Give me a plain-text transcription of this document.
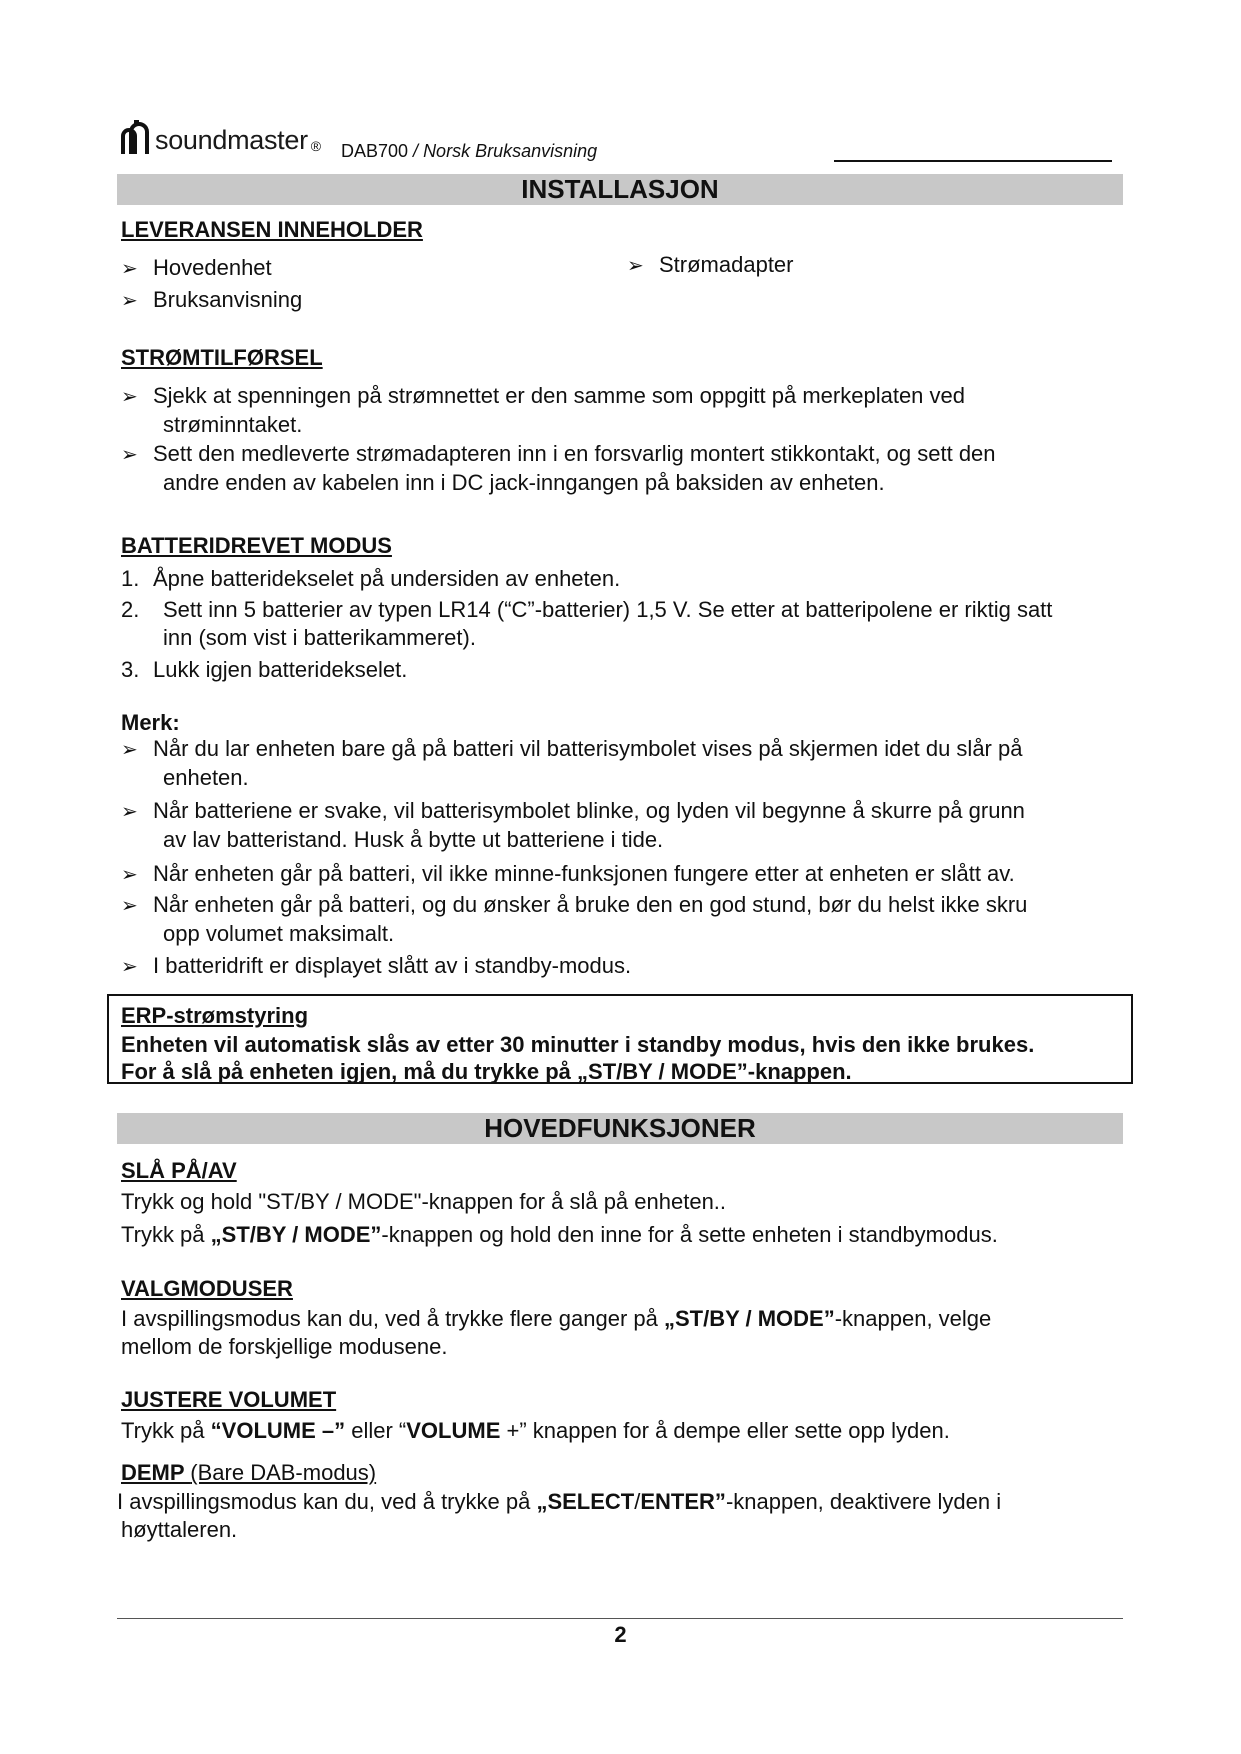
soundmaster ® DAB700 / Norsk Bruksanvisning
INSTALLASJON
LEVERANSEN INNEHOLDER
➢ Hovedenhet
➢ Bruksanvisning
➢ Strømadapter
STRØMTILFØRSEL
➢ Sjekk at spenningen på strømnettet er den samme som oppgitt på merkeplaten ved
strøminntaket.
➢ Sett den medleverte strømadapteren inn i en forsvarlig montert stikkontakt, og sett den
andre enden av kabelen inn i DC jack-inngangen på baksiden av enheten.
BATTERIDREVET MODUS
1. Åpne batteridekselet på undersiden av enheten.
2. Sett inn 5 batterier av typen LR14 (“C”-batterier) 1,5 V. Se etter at batteripolene er riktig satt
inn (som vist i batterikammeret).
3. Lukk igjen batteridekselet.
Merk:
➢ Når du lar enheten bare gå på batteri vil batterisymbolet vises på skjermen idet du slår på
enheten.
➢ Når batteriene er svake, vil batterisymbolet blinke, og lyden vil begynne å skurre på grunn
av lav batteristand. Husk å bytte ut batteriene i tide.
➢ Når enheten går på batteri, vil ikke minne-funksjonen fungere etter at enheten er slått av.
➢ Når enheten går på batteri, og du ønsker å bruke den en god stund, bør du helst ikke skru
opp volumet maksimalt.
➢ I batteridrift er displayet slått av i standby-modus.
ERP-strømstyring
Enheten vil automatisk slås av etter 30 minutter i standby modus, hvis den ikke brukes.
For å slå på enheten igjen, må du trykke på „ST/BY / MODE”-knappen.
HOVEDFUNKSJONER
SLÅ PÅ/AV
Trykk og hold "ST/BY / MODE"-knappen for å slå på enheten..
Trykk på „ST/BY / MODE”-knappen og hold den inne for å sette enheten i standbymodus.
VALGMODUSER
I avspillingsmodus kan du, ved å trykke flere ganger på „ST/BY / MODE”-knappen, velge
mellom de forskjellige modusene.
JUSTERE VOLUMET
Trykk på “VOLUME –” eller “VOLUME +” knappen for å dempe eller sette opp lyden.
DEMP (Bare DAB-modus)
I avspillingsmodus kan du, ved å trykke på „SELECT/ENTER”-knappen, deaktivere lyden i
høyttaleren.
2
